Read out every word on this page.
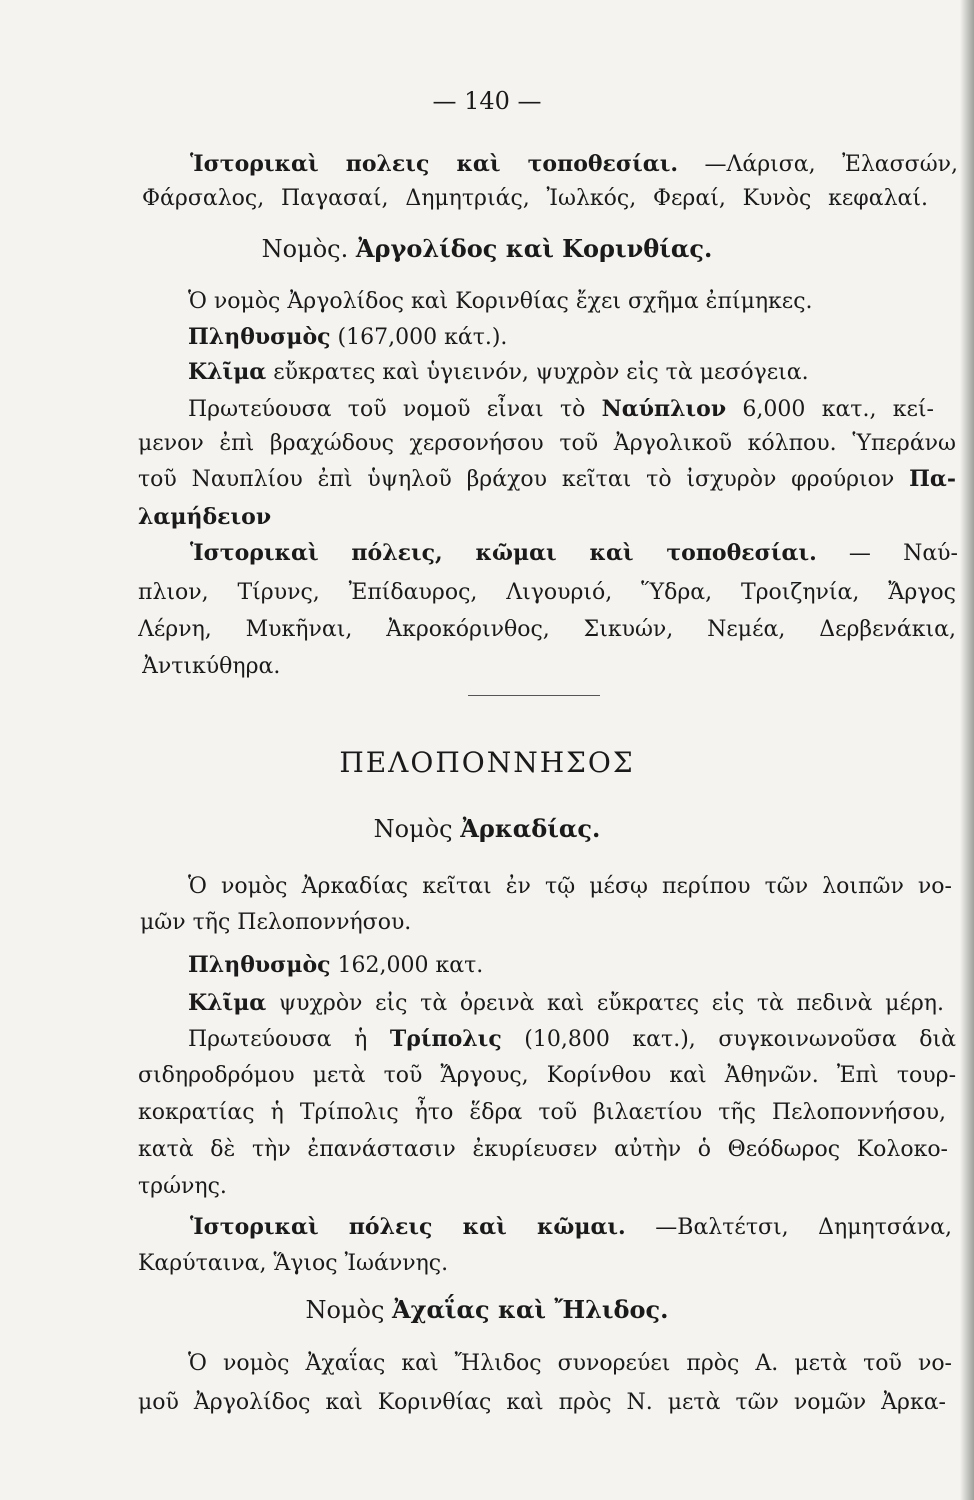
— 140 —
Ἱστορικαὶ πολεις καὶ τοποθεσίαι. —Λάρισα, Ἐλασσών,
Φάρσαλος, Παγασαί, Δημητριάς, Ἰωλκός, Φεραί, Κυνὸς κεφαλαί.
Νομὸς. Ἀργολίδος καὶ Κορινθίας.
Ὁ νομὸς Ἀργολίδος καὶ Κορινθίας ἔχει σχῆμα ἐπίμηκες.
Πληθυσμὸς (167,000 κάτ.).
Κλῖμα εὔκρατες καὶ ὑγιεινόν, ψυχρὸν εἰς τὰ μεσόγεια.
Πρωτεύουσα τοῦ νομοῦ εἶναι τὸ Ναύπλιον 6,000 κατ., κεί-
μενον ἐπὶ βραχώδους χερσονήσου τοῦ Ἀργολικοῦ κόλπου. Ὑπεράνω
τοῦ Ναυπλίου ἐπὶ ὑψηλοῦ βράχου κεῖται τὸ ἰσχυρὸν φρούριον Πα-
λαμήδειον
Ἱστορικαὶ πόλεις, κῶμαι καὶ τοποθεσίαι. — Ναύ-
πλιον, Τίρυνς, Ἐπίδαυρος, Λιγουριό, Ὕδρα, Τροιζηνία, Ἄργος
Λέρνη, Μυκῆναι, Ἀκροκόρινθος, Σικυών, Νεμέα, Δερβενάκια,
Ἀντικύθηρα.
ΠΕΛΟΠΟΝΝΗΣΟΣ
Νομὸς Ἀρκαδίας.
Ὁ νομὸς Ἀρκαδίας κεῖται ἐν τῷ μέσῳ περίπου τῶν λοιπῶν νο-
μῶν τῆς Πελοποννήσου.
Πληθυσμὸς 162,000 κατ.
Κλῖμα ψυχρὸν εἰς τὰ ὀρεινὰ καὶ εὔκρατες εἰς τὰ πεδινὰ μέρη.
Πρωτεύουσα ἡ Τρίπολις (10,800 κατ.), συγκοινωνοῦσα διὰ
σιδηροδρόμου μετὰ τοῦ Ἄργους, Κορίνθου καὶ Ἀθηνῶν. Ἐπὶ τουρ-
κοκρατίας ἡ Τρίπολις ἦτο ἕδρα τοῦ βιλαετίου τῆς Πελοποννήσου,
κατὰ δὲ τὴν ἐπανάστασιν ἐκυρίευσεν αὐτὴν ὁ Θεόδωρος Κολοκο-
τρώνης.
Ἱστορικαὶ πόλεις καὶ κῶμαι. —Βαλτέτσι, Δημητσάνα,
Καρύταινα, Ἅγιος Ἰωάννης.
Νομὸς Ἀχαΐας καὶ Ἤλιδος.
Ὁ νομὸς Ἀχαΐας καὶ Ἤλιδος συνορεύει πρὸς Α. μετὰ τοῦ νο-
μοῦ Ἀργολίδος καὶ Κορινθίας καὶ πρὸς Ν. μετὰ τῶν νομῶν Ἀρκα-
